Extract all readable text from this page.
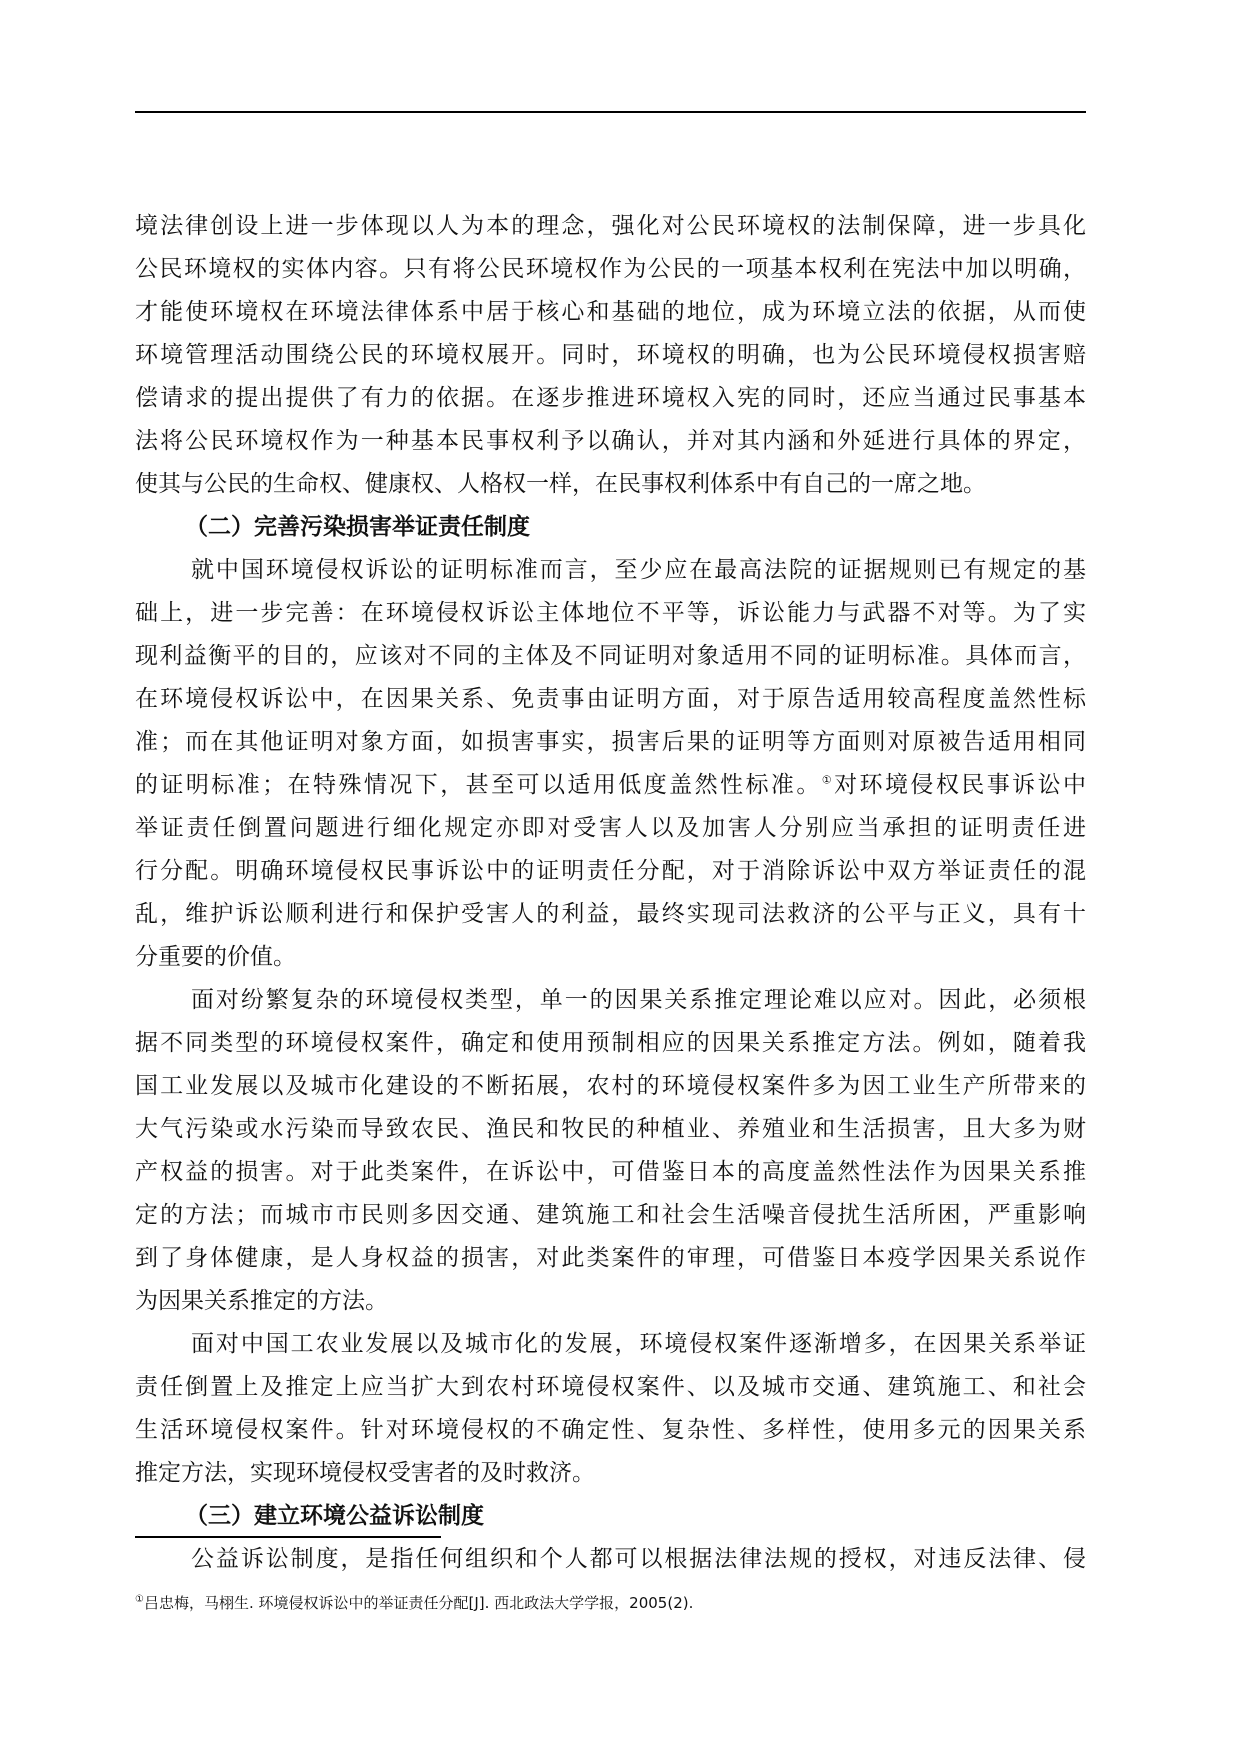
境法律创设上进一步体现以人为本的理念，强化对公民环境权的法制保障，进一步具化
公民环境权的实体内容。只有将公民环境权作为公民的一项基本权利在宪法中加以明确，
才能使环境权在环境法律体系中居于核心和基础的地位，成为环境立法的依据，从而使
环境管理活动围绕公民的环境权展开。同时，环境权的明确，也为公民环境侵权损害赔
偿请求的提出提供了有力的依据。在逐步推进环境权入宪的同时，还应当通过民事基本
法将公民环境权作为一种基本民事权利予以确认，并对其内涵和外延进行具体的界定，
使其与公民的生命权、健康权、人格权一样，在民事权利体系中有自己的一席之地。
（二）完善污染损害举证责任制度
就中国环境侵权诉讼的证明标准而言，至少应在最高法院的证据规则已有规定的基
础上，进一步完善：在环境侵权诉讼主体地位不平等，诉讼能力与武器不对等。为了实
现利益衡平的目的，应该对不同的主体及不同证明对象适用不同的证明标准。具体而言，
在环境侵权诉讼中，在因果关系、免责事由证明方面，对于原告适用较高程度盖然性标
准；而在其他证明对象方面，如损害事实，损害后果的证明等方面则对原被告适用相同
的证明标准；在特殊情况下，甚至可以适用低度盖然性标准。①对环境侵权民事诉讼中
举证责任倒置问题进行细化规定亦即对受害人以及加害人分别应当承担的证明责任进
行分配。明确环境侵权民事诉讼中的证明责任分配，对于消除诉讼中双方举证责任的混
乱，维护诉讼顺利进行和保护受害人的利益，最终实现司法救济的公平与正义，具有十
分重要的价值。
面对纷繁复杂的环境侵权类型，单一的因果关系推定理论难以应对。因此，必须根
据不同类型的环境侵权案件，确定和使用预制相应的因果关系推定方法。例如，随着我
国工业发展以及城市化建设的不断拓展，农村的环境侵权案件多为因工业生产所带来的
大气污染或水污染而导致农民、渔民和牧民的种植业、养殖业和生活损害，且大多为财
产权益的损害。对于此类案件，在诉讼中，可借鉴日本的高度盖然性法作为因果关系推
定的方法；而城市市民则多因交通、建筑施工和社会生活噪音侵扰生活所困，严重影响
到了身体健康，是人身权益的损害，对此类案件的审理，可借鉴日本疫学因果关系说作
为因果关系推定的方法。
面对中国工农业发展以及城市化的发展，环境侵权案件逐渐增多，在因果关系举证
责任倒置上及推定上应当扩大到农村环境侵权案件、以及城市交通、建筑施工、和社会
生活环境侵权案件。针对环境侵权的不确定性、复杂性、多样性，使用多元的因果关系
推定方法，实现环境侵权受害者的及时救济。
（三）建立环境公益诉讼制度
公益诉讼制度，是指任何组织和个人都可以根据法律法规的授权，对违反法律、侵
①吕忠梅，马栩生. 环境侵权诉讼中的举证责任分配[J]. 西北政法大学学报，2005(2).
